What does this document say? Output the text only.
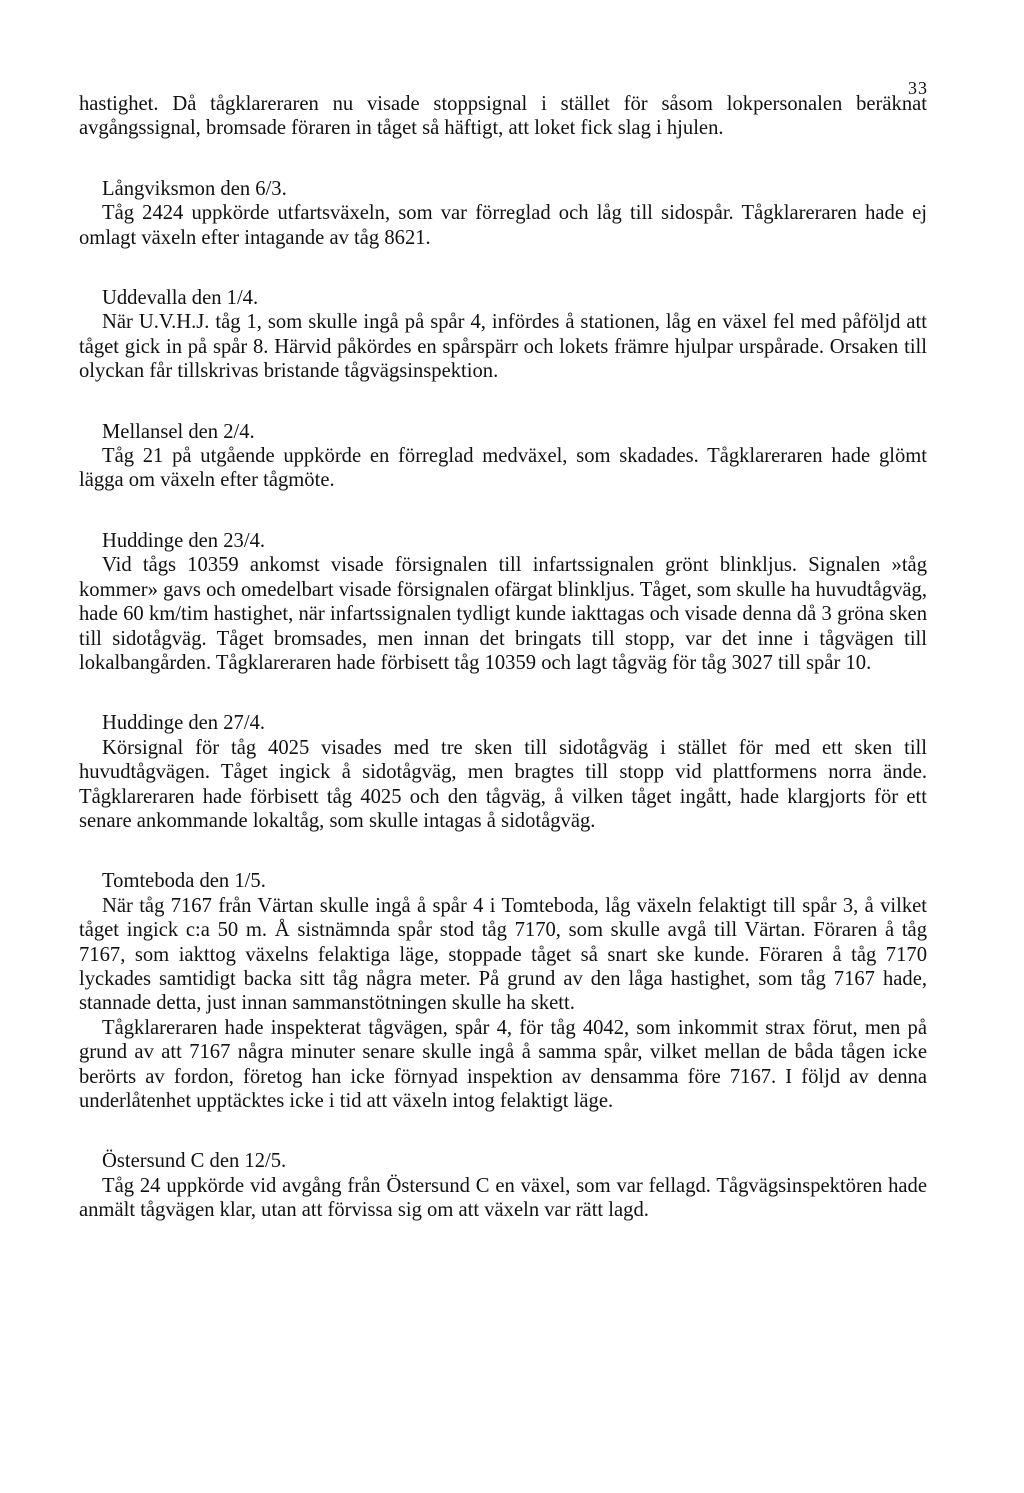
33

hastighet. Då tågklareraren nu visade stoppsignal i stället för såsom lokpersonalen beräknat avgångssignal, bromsade föraren in tåget så häftigt, att loket fick slag i hjulen.

Långviksmon den 6/3.

Tåg 2424 uppkörde utfartsväxeln, som var förreglad och låg till sidospår. Tågklareraren hade ej omlagt växeln efter intagande av tåg 8621.

Uddevalla den 1/4.

När U.V.H.J. tåg 1, som skulle ingå på spår 4, infördes å stationen, låg en växel fel med påföljd att tåget gick in på spår 8. Härvid påkördes en spårspärr och lokets främre hjulpar urspårade. Orsaken till olyckan får tillskrivas bristande tågvägsinspektion.

Mellansel den 2/4.

Tåg 21 på utgående uppkörde en förreglad medväxel, som skadades. Tågklareraren hade glömt lägga om växeln efter tågmöte.

Huddinge den 23/4.

Vid tågs 10359 ankomst visade försignalen till infartssignalen grönt blinkljus. Signalen »tåg kommer» gavs och omedelbart visade försignalen ofärgat blinkljus. Tåget, som skulle ha huvudtågväg, hade 60 km/tim hastighet, när infartssignalen tydligt kunde iakttagas och visade denna då 3 gröna sken till sidotågväg. Tåget bromsades, men innan det bringats till stopp, var det inne i tågvägen till lokalbangården. Tågklareraren hade förbisett tåg 10359 och lagt tågväg för tåg 3027 till spår 10.

Huddinge den 27/4.

Körsignal för tåg 4025 visades med tre sken till sidotågväg i stället för med ett sken till huvudtågvägen. Tåget ingick å sidotågväg, men bragtes till stopp vid plattformens norra ände. Tågklareraren hade förbisett tåg 4025 och den tågväg, å vilken tåget ingått, hade klargjorts för ett senare ankommande lokaltåg, som skulle intagas å sidotågväg.

Tomteboda den 1/5.

När tåg 7167 från Värtan skulle ingå å spår 4 i Tomteboda, låg växeln felaktigt till spår 3, å vilket tåget ingick c:a 50 m. Å sistnämnda spår stod tåg 7170, som skulle avgå till Värtan. Föraren å tåg 7167, som iakttog växelns felaktiga läge, stoppade tåget så snart ske kunde. Föraren å tåg 7170 lyckades samtidigt backa sitt tåg några meter. På grund av den låga hastighet, som tåg 7167 hade, stannade detta, just innan sammanstötningen skulle ha skett.

Tågklareraren hade inspekterat tågvägen, spår 4, för tåg 4042, som inkommit strax förut, men på grund av att 7167 några minuter senare skulle ingå å samma spår, vilket mellan de båda tågen icke berörts av fordon, företog han icke förnyad inspektion av densamma före 7167. I följd av denna underlåtenhet upptäcktes icke i tid att växeln intog felaktigt läge.

Östersund C den 12/5.

Tåg 24 uppkörde vid avgång från Östersund C en växel, som var fellagd. Tågvägsinspektören hade anmält tågvägen klar, utan att förvissa sig om att växeln var rätt lagd.
